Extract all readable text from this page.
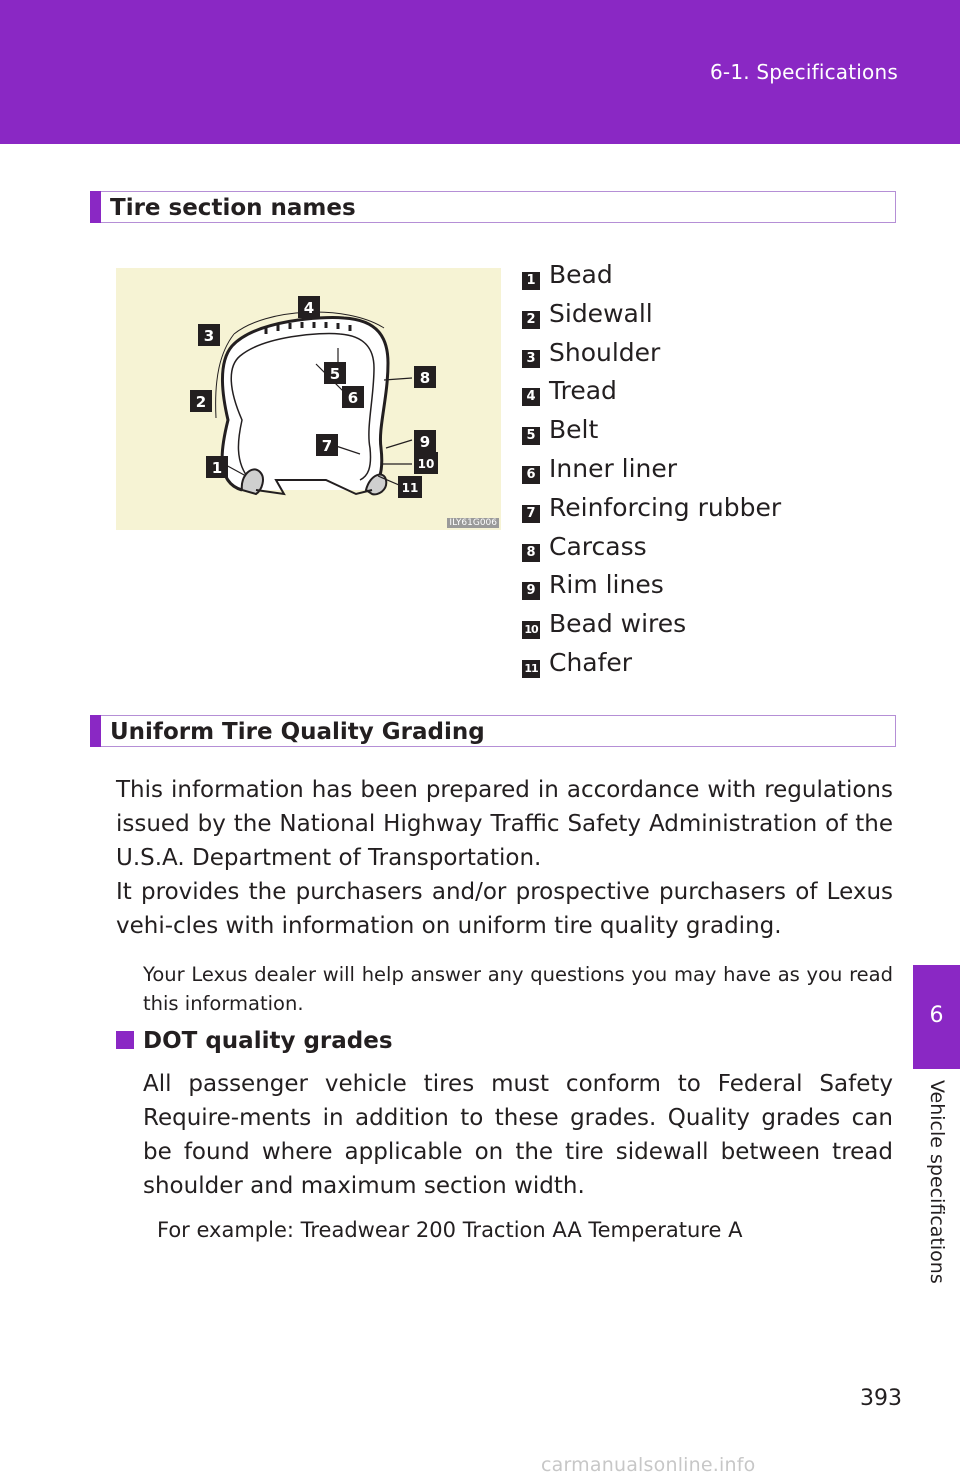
6-1. Specifications
6
Vehicle specifications
Tire section names
1
2
3
4
5
6
7
8
9
10
11
ILY61G006
1 Bead
2 Sidewall
3 Shoulder
4 Tread
5 Belt
6 Inner liner
7 Reinforcing rubber
8 Carcass
9 Rim lines
10 Bead wires
11 Chafer
Uniform Tire Quality Grading
This information has been prepared in accordance with regulations issued by the National Highway Traffic Safety Administration of the U.S.A. Department of Transportation.
It provides the purchasers and/or prospective purchasers of Lexus vehi-cles with information on uniform tire quality grading.
Your Lexus dealer will help answer any questions you may have as you read this information.
DOT quality grades
All passenger vehicle tires must conform to Federal Safety Require-ments in addition to these grades. Quality grades can be found where applicable on the tire sidewall between tread shoulder and maximum section width.
For example: Treadwear 200 Traction AA Temperature A
393
carmanualsonline.info
